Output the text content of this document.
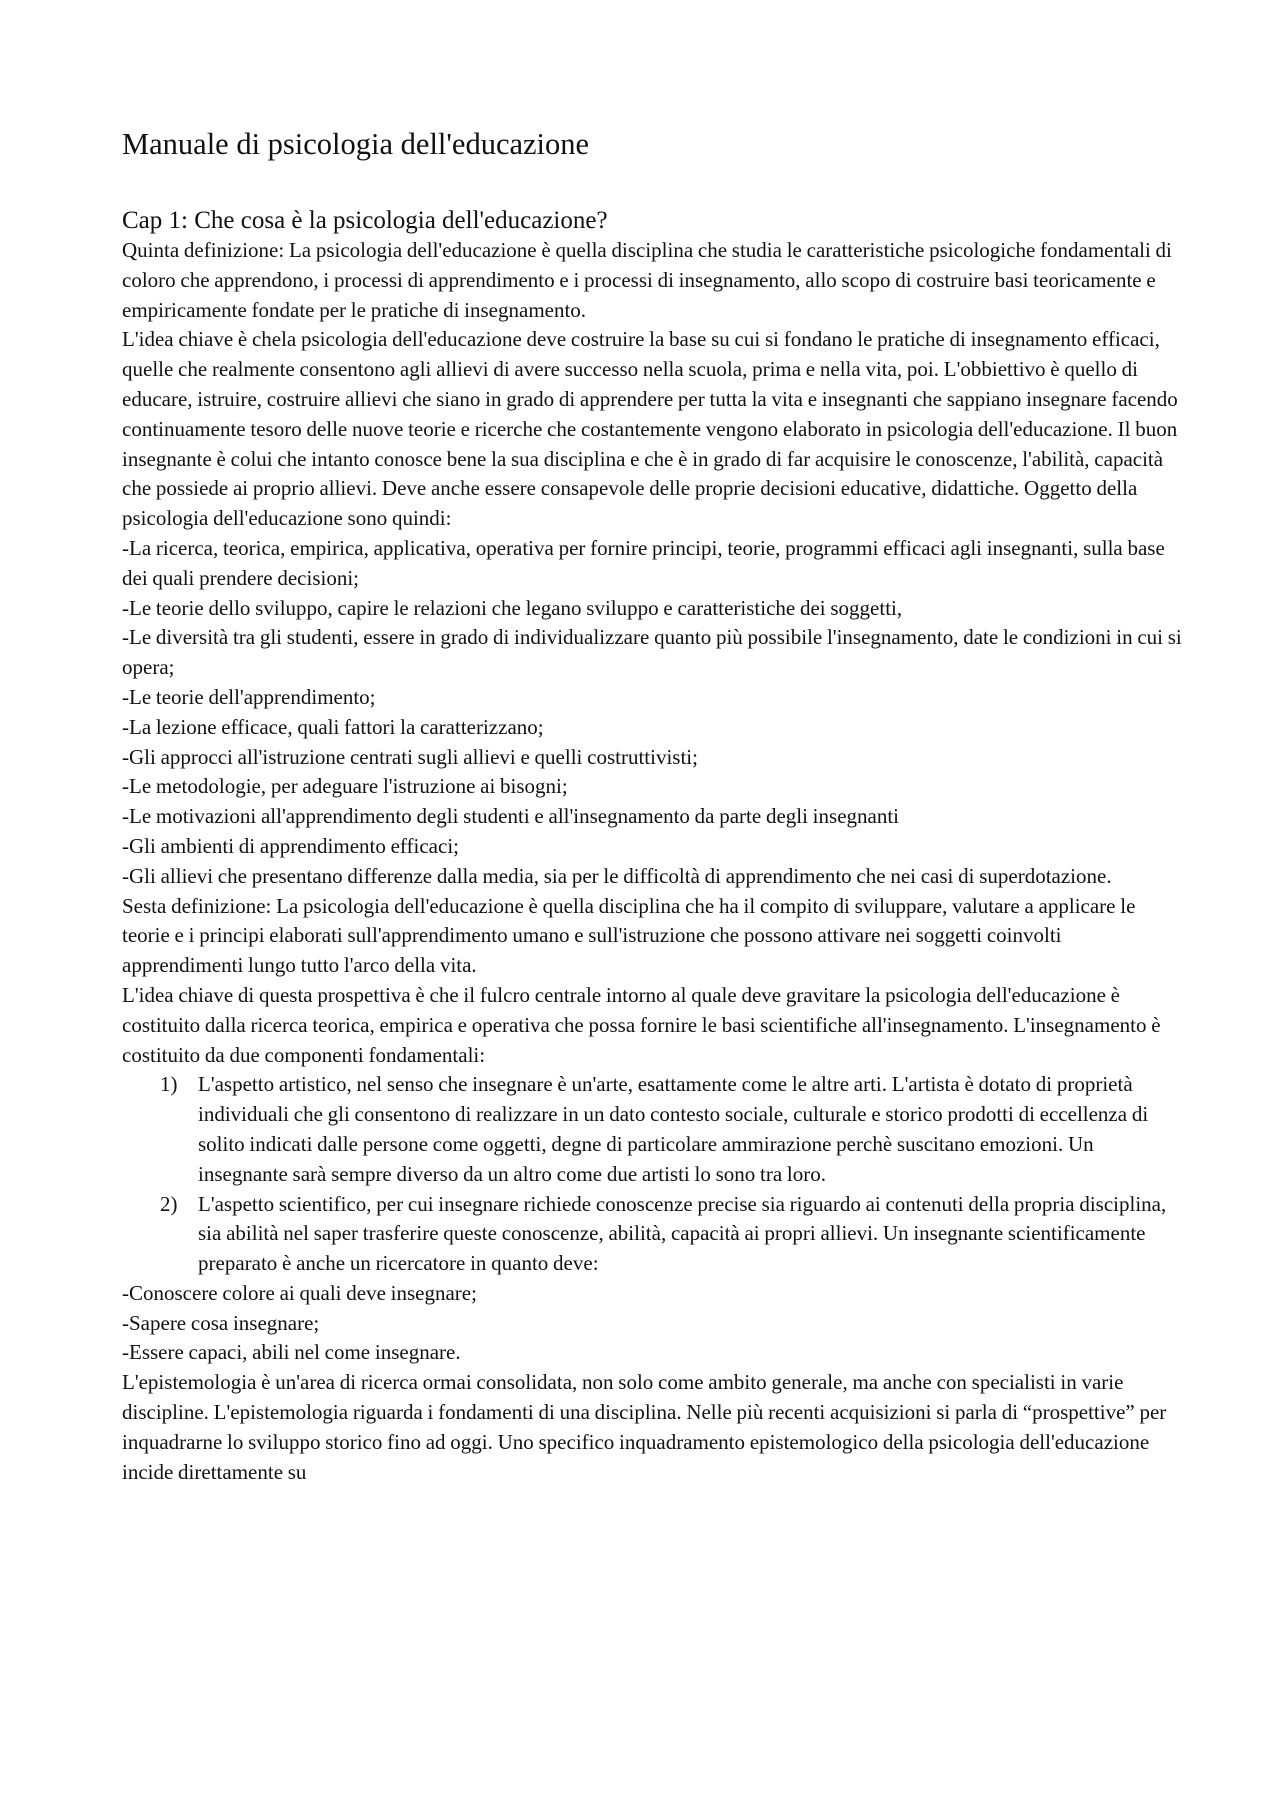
Manuale di psicologia dell'educazione
Cap 1: Che cosa è la psicologia dell'educazione?

Quinta definizione: La psicologia dell'educazione è quella disciplina che studia le caratteristiche psicologiche fondamentali di coloro che apprendono, i processi di apprendimento e i processi di insegnamento, allo scopo di costruire basi teoricamente e empiricamente fondate per le pratiche di insegnamento.

L'idea chiave è chela psicologia dell'educazione deve costruire la base su cui si fondano le pratiche di insegnamento efficaci, quelle che realmente consentono agli allievi di avere successo nella scuola, prima e nella vita, poi. L'obbiettivo è quello di educare, istruire, costruire allievi che siano in grado di apprendere per tutta la vita e insegnanti che sappiano insegnare facendo continuamente tesoro delle nuove teorie e ricerche che costantemente vengono elaborato in psicologia dell'educazione. Il buon insegnante è colui che intanto conosce bene la sua disciplina e che è in grado di far acquisire le conoscenze, l'abilità, capacità che possiede ai proprio allievi. Deve anche essere consapevole delle proprie decisioni educative, didattiche. Oggetto della psicologia dell'educazione sono quindi:

-La ricerca, teorica, empirica, applicativa, operativa per fornire principi, teorie, programmi efficaci agli insegnanti, sulla base dei quali prendere decisioni;

-Le teorie dello sviluppo, capire le relazioni che legano sviluppo e caratteristiche dei soggetti,

-Le diversità tra gli studenti, essere in grado di individualizzare quanto più possibile l'insegnamento, date le condizioni in cui si opera;

-Le teorie dell'apprendimento;

-La lezione efficace, quali fattori la caratterizzano;

-Gli approcci all'istruzione centrati sugli allievi e quelli costruttivisti;

-Le metodologie, per adeguare l'istruzione ai bisogni;

-Le motivazioni all'apprendimento degli studenti e all'insegnamento da parte degli insegnanti

-Gli ambienti di apprendimento efficaci;

-Gli allievi che presentano differenze dalla media, sia per le difficoltà di apprendimento che nei casi di superdotazione.

Sesta definizione: La psicologia dell'educazione è quella disciplina che ha il compito di sviluppare, valutare a applicare le teorie e i principi elaborati sull'apprendimento umano e sull'istruzione che possono attivare nei soggetti coinvolti apprendimenti lungo tutto l'arco della vita.

L'idea chiave di questa prospettiva è che il fulcro centrale intorno al quale deve gravitare la psicologia dell'educazione è costituito dalla ricerca teorica, empirica e operativa che possa fornire le basi scientifiche all'insegnamento. L'insegnamento è costituito da due componenti fondamentali:

1) L'aspetto artistico, nel senso che insegnare è un'arte, esattamente come le altre arti. L'artista è dotato di proprietà individuali che gli consentono di realizzare in un dato contesto sociale, culturale e storico prodotti di eccellenza di solito indicati dalle persone come oggetti, degne di particolare ammirazione perchè suscitano emozioni. Un insegnante sarà sempre diverso da un altro come due artisti lo sono tra loro.
2) L'aspetto scientifico, per cui insegnare richiede conoscenze precise sia riguardo ai contenuti della propria disciplina, sia abilità nel saper trasferire queste conoscenze, abilità, capacità ai propri allievi. Un insegnante scientificamente preparato è anche un ricercatore in quanto deve:

-Conoscere colore ai quali deve insegnare;

-Sapere cosa insegnare;

-Essere capaci, abili nel come insegnare.

L'epistemologia è un'area di ricerca ormai consolidata, non solo come ambito generale, ma anche con specialisti in varie discipline. L'epistemologia riguarda i fondamenti di una disciplina. Nelle più recenti acquisizioni si parla di “prospettive” per inquadrarne lo sviluppo storico fino ad oggi. Uno specifico inquadramento epistemologico della psicologia dell'educazione incide direttamente su
